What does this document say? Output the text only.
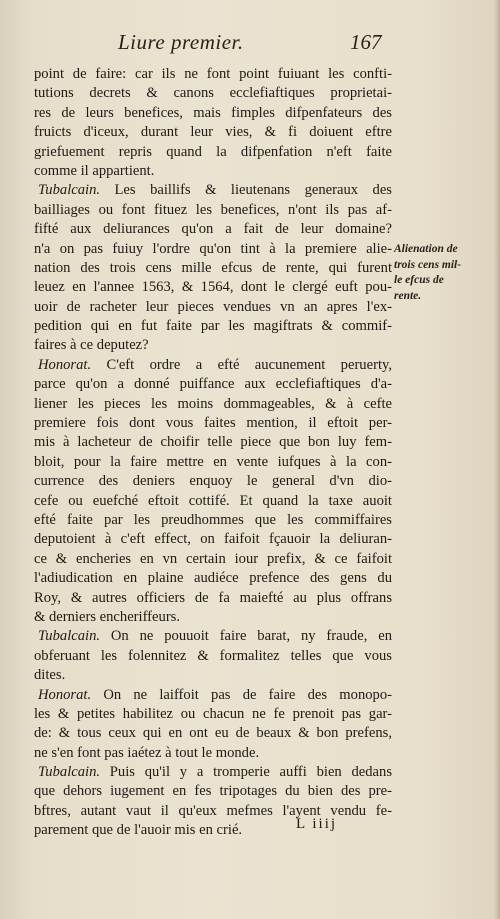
Liure premier.	167
point de faire: car ils ne font point fuiuant les confti-
tutions decrets & canons ecclefiaftiques proprietai-
res de leurs benefices, mais fimples difpenfateurs des
fruicts d'iceux, durant leur vies, & fi doiuent eftre
griefuement repris quand la difpenfation n'eft faite
comme il appartient.
Tubalcain. Les baillifs & lieutenans generaux des
bailliages ou font fituez les benefices, n'ont ils pas af-
fifté aux deliurances qu'on a fait de leur domaine?
n'a on pas fuiuy l'ordre qu'on tint à la premiere alie-
nation des trois cens mille efcus de rente, qui furent
leuez en l'annee 1563, & 1564, dont le clergé euft pou-
uoir de racheter leur pieces vendues vn an apres l'ex-
pedition qui en fut faite par les magiftrats & commif-
faires à ce deputez?
Honorat. C'eft ordre a efté aucunement peruerty,
parce qu'on a donné puiffance aux ecclefiaftiques d'a-
liener les pieces les moins dommageables, & à cefte
premiere fois dont vous faites mention, il eftoit per-
mis à lacheteur de choifir telle piece que bon luy fem-
bloit, pour la faire mettre en vente iufques à la con-
currence des deniers enquoy le general d'vn dio-
cefe ou euefché eftoit cottifé. Et quand la taxe auoit
efté faite par les preudhommes que les commiffaires
deputoient à c'eft effect, on faifoit fçauoir la deliuran-
ce & encheries en vn certain iour prefix, & ce faifoit
l'adiudication en plaine audiéce prefence des gens du
Roy, & autres officiers de fa maiefté au plus offrans
& derniers encheriffeurs.
Tubalcain. On ne pouuoit faire barat, ny fraude, en
obferuant les folennitez & formalitez telles que vous
dites.
Honorat. On ne laiffoit pas de faire des monopo-
les & petites habilitez ou chacun ne fe prenoit pas gar-
de: & tous ceux qui en ont eu de beaux & bon prefens,
ne s'en font pas iaétez à tout le monde.
Tubalcain. Puis qu'il y a tromperie auffi bien dedans
que dehors iugement en fes tripotages du bien des pre-
bftres, autant vaut il qu'eux mefmes l'ayent vendu fe-
parement que de l'auoir mis en crié.
Alienation de
trois cens mil-
le efcus de
rente.
L iiij
